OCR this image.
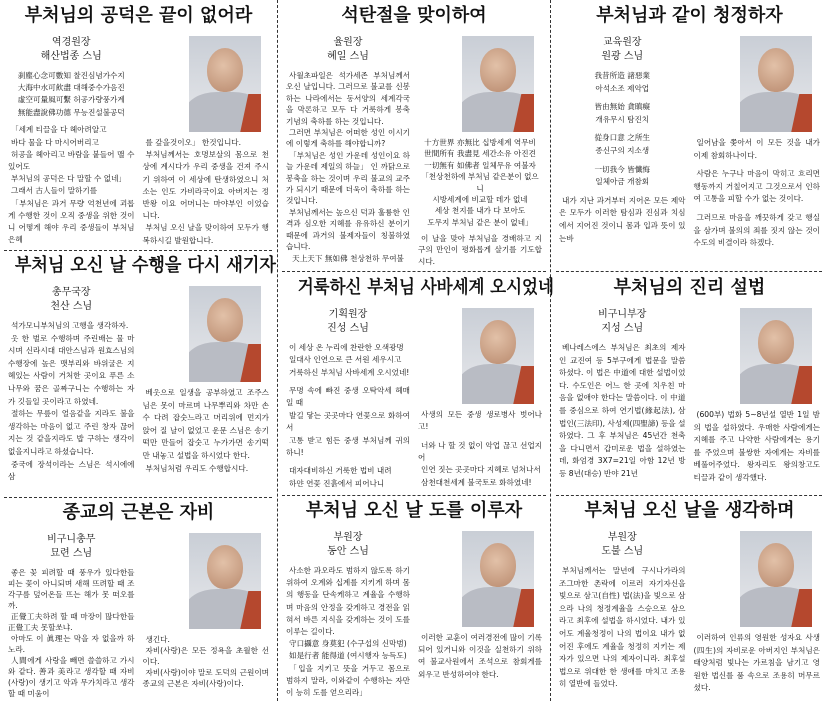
부처님의 공덕은 끝이 없어라
역경원장
해산법종 스님

刹塵心念可數知 찰진심념가수지

大海中水可飮盡 대해중수가음진

虛空可量風可繫 허공가량풍가계

無能盡說佛功德 무능진설불공덕

「세계 티끌을 다 헤아려알고

바다 물을 다 마시어버리고

허공을 헤아리고 바람을 붙들어 맬 수 있어도

부처님의 공덕은 다 말할 수 없네」

그래서 古人들이 말하기를

「부처님은 과거 무량 억천년에 괴롭게 수행한 것이 오직 중생을 위한 것이니 어떻게 해야 우리 중생들이 부처님 은혜

를 갚을것이오」 한것입니다.

부처님께서는 호명보살의 몸으로 천상에 계시다가 우리 중생을 건져 주시기 위하여 이 세상에 탄생하였으니 처소는 인도 가비라국이요 아버지는 정반왕 이요 어머니는 마야부인 이었습니다.

부처님 오신 날을 맞이하여 모두가 행복하시길 발원합니다.

석탄절을 맞이하여
율원장
혜일 스님

사월초파일은 석가세존 부처님께서 오신 날입니다. 그러므로 불교를 신봉하는 나라에서는 동서양의 세계각국을 막론하고 모두 다 거룩하게 봉축 기념의 축하를 하는 것입니다.

그러면 부처님은 어떠한 성인 이시기에 이렇게 축하를 해야합니까?

「부처님은 성인 가운데 성인이요 하늘 가운데 제일의 하늘」 인 까닭으로 봉축을 하는 것이며 우리 불교의 교주가 되시기 때문에 더욱이 축하를 하는 것입니다.

부처님께서는 높으신 덕과 훌륭한 인격과 심오한 지혜를 유유하신 분이기 때문에 과거의 불제자들이 칭불하였습니다.

天上天下 無如佛 천상천하 무여불

十方世界 亦無比 십방세계 역무비

世間所有 我盡見 세간소유 아진견

一切無有 如佛者 일체무유 여불자

「천상천하에 부처님 같은분이 없으니

시방세계에 비교할 데가 없네

세상 천지를 내가 다 보아도

도무지 부처님 같은 분이 없네」

이 날을 맞아 부처님을 경배하고 지구의 만인이 평화롭게 살기를 기도합시다.

부처님과 같이 청정하자
교육원장
원광 스님

我昔所造 諸惡業

아석소조 제악업

皆由無始 貪瞋癡

개유무시 탐진치

從身口意 之所生

종신구의 지소생

一切我今 皆懺悔

일체아금 개참회

내가 지난 과거부터 지어온 모든 제악은 모두가 이러한 탐심과 진심과 치심에서 지어진 것이니 몸과 입과 뜻이 있는바

일어남을 쫓아서 이 모든 것을 내가 이제 참회하나이다.

사람은 누구나 마음이 막히고 흐리면 행동까지 거칠어지고 그것으로서 인하여 고통을 피할 수가 없는 것이다.

그러므로 마음을 깨끗하게 갖고 행실을 삼가며 불의의 죄를 짓지 않는 것이 수도의 비결이라 하겠다.

부처님 오신 날 수행을 다시 새기자
총무국장
천산 스님

석가모니부처님의 고행을 생각하자.

옷 한 벌로 수행하며 주린배는 물 마시며 신라시대 대안스님과 원효스님의 수행장에 높은 맷부리와 바위굴은 지혜있는 사람이 거처한 곳이요 푸른 소나무와 꿈은 골짜구니는 수행하는 자가 깃들일 곳이라고 하였네.

절하는 무릎이 얼음같을 지라도 불을 생각하는 마음이 없고 주린 창자 끊어지는 것 같을지라도 밥 구하는 생각이 없을지니라고 하셨습니다.

중국에 장석이라는 스님은 석시에에 삼

베옷으로 일생을 공부하였고 조주스님은 못이 마르며 나무뿌리와 차만 손수 다려 잡숫느라고 머리위에 먼지가 앉어 질 날이 없었고 운문 스님은 송기떡만 만들어 잡숫고 누가가면 송기떡만 내놓고 설법을 하시었다 한다.

부처님처럼 우리도 수행합시다.

거룩하신 부처님 사바세계 오시었네
기획원장
진성 스님

이 세상 온 누리에 찬란한 오색광명

일대사 인연으로 큰 서원 세우시고

거룩하신 부처님 사바세계 오시었네!

무명 속에 빠진 중생 오탁악세 헤매일 때

발길 닿는 곳곳마다 연꽃으로 화하여서

고통 받고 힘든 중생 부처님께 귀의하니!

대자대비하신 거룩한 법비 내려

하얀 연꽃 진흙에서 피어나니

사생의 모든 중생 생로병사 벗어나고!

너와 나 할 것 없이 악업 끊고 선업지어

인연 짓는 곳곳마다 지혜로 넘쳐나서

삼천대천세계 불국토로 화하였네!

부처님의 진리 설법
비구니부장
지성 스님

베나레스에스 부처님은 최초의 제자인 교진여 등 5부구에게 법문을 말씀하셨다. 이 법은 中道에 대한 설법이었다. 수도인은 어느 한 곳에 치우친 마음을 없애야 한다는 말씀이다. 이 中道를 중심으로 하여 연기법(緣起法), 삼법인(三法印), 사성제(四聖諦) 등을 설하였다. 그 후 부처님은 45년간 천축을 다니면서 갑미로운 법을 설하였는데, 화엄경 3X7=21일 아함 12년 방등 8년(대승) 반야 21년

(600부) 법화 5~8년설 열반 1일 밤의 법을 설하였다. 우매한 사람에게는 지혜를 주고 나약한 사람에게는 용기를 주었으며 불쌍한 자에게는 자비를 베풀어주었다. 왕자리도 왕의창고도 티끌과 같이 생각했다.

종교의 근본은 자비
비구니총무
묘련 스님

좋은 꽃 피려할 때 풍우가 있다한들 피는 꽃이 아니되며 새해 뜨려할 때 조각구름 덮어온들 뜨는 해가 못 떠오를까.

正覺工夫하려 할 때 마장이 많다한들 正覺工夫 못할쏘냐.

아마도 이 眞理는 막을 자 없을까 하노라.

人間에게 사랑을 빼면 쓸쓸하고 가시와 같다. 善과 美라고 생각할 때 자비(사랑)이 생기고 악과 무가치라고 생각할 때 미움이

생긴다.

자비(사랑)은 모든 정욕을 초월한 선이다.

자비(사랑)이야 말로 도덕의 근원이며 종교의 근본은 자비(사랑)이다.

부처님 오신 날 도를 이루자
부원장
동안 스님

사소한 과오라도 범하지 않도록 하기 위하여 오계와 십계를 지키게 하며 몸의 행동을 단속케하고 계율을 수행하며 마음의 안정을 갖게하고 경전을 읽혀서 바른 지식을 갖게하는 것이 도를 이루는 길이다.

守口攝意 身莫犯 (수구섭의 신막범)

如是行者 能得道 (여시행자 능득도)

「입을 지키고 뜻을 거두고 몸으로 범하지 말라, 이와같이 수행하는 자만이 능히 도를 얻으리라」

이러한 교훈이 여러경전에 많이 기록 되어 있거니와 이것을 실천하기 위하여 불교사원에서 조석으로 참회게를 외우고 반성하여야 한다.

부처님 오신 날을 생각하며
부원장
도불 스님

부처님께서는 말년에 구시나가라의 조그마한 촌락에 이르러 자기자신을 빛으로 삼고(自性) 법(法)을 빛으로 삼으라 나의 청정계율을 스승으로 삼으라고 최후에 설법을 하시었다. 내가 있어도 계율청정이 나의 법이요 내가 없어진 후에도 계율을 청정히 지키는 제자가 있으면 나의 제자이니라. 최후설법으로 위대한 한 생애를 마치고 조용히 열반에 들었다.

이러하여 인류의 영원한 성자요 사생(四生)의 자비로운 아버지인 부처님은 태양처럼 빛나는 가르침을 남기고 영원한 법신를 품 속으로 조용히 머무르셨다.
